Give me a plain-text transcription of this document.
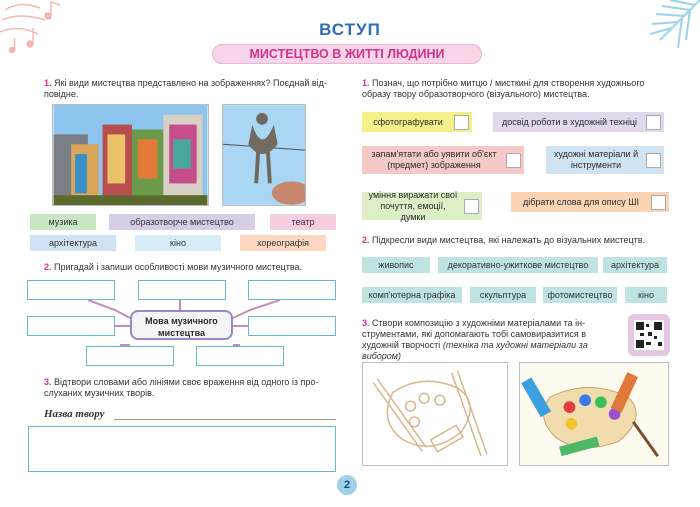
ВСТУП
МИСТЕЦТВО В ЖИТТІ ЛЮДИНИ
1. Які види мистецтва представлено на зображеннях? Поєднай відповідне.
музика	образотворче мистецтво	театр
архітектура	кіно	хореографія
2. Пригадай і запиши особливості мови музичного мистецтва.
Мова музичного мистецтва
3. Відтвори словами або лініями своє враження від одного із прослуханих музичних творів.
Назва твору
1. Познач, що потрібно митцю / мисткині для створення художнього образу твору образотворчого (візуального) мистецтва.
сфотографувати	досвід роботи в художній техніці
запам'ятати або уявити об'єкт (предмет) зображення
художні матеріали й інструменти
уміння виражати свої почуття, емоції, думки
дібрати слова для опису ШІ
2. Підкресли види мистецтва, які належать до візуальних мистецтв.
живопис	декоративно-ужиткове мистецтво	архітектура
комп'ютерна графіка	скульптура	фотомистецтво	кіно
3. Створи композицію з художніми матеріалами та інструментами, які допомагають тобі самовиразитися в художній творчості (техніка та художні матеріали за вибором)
2
